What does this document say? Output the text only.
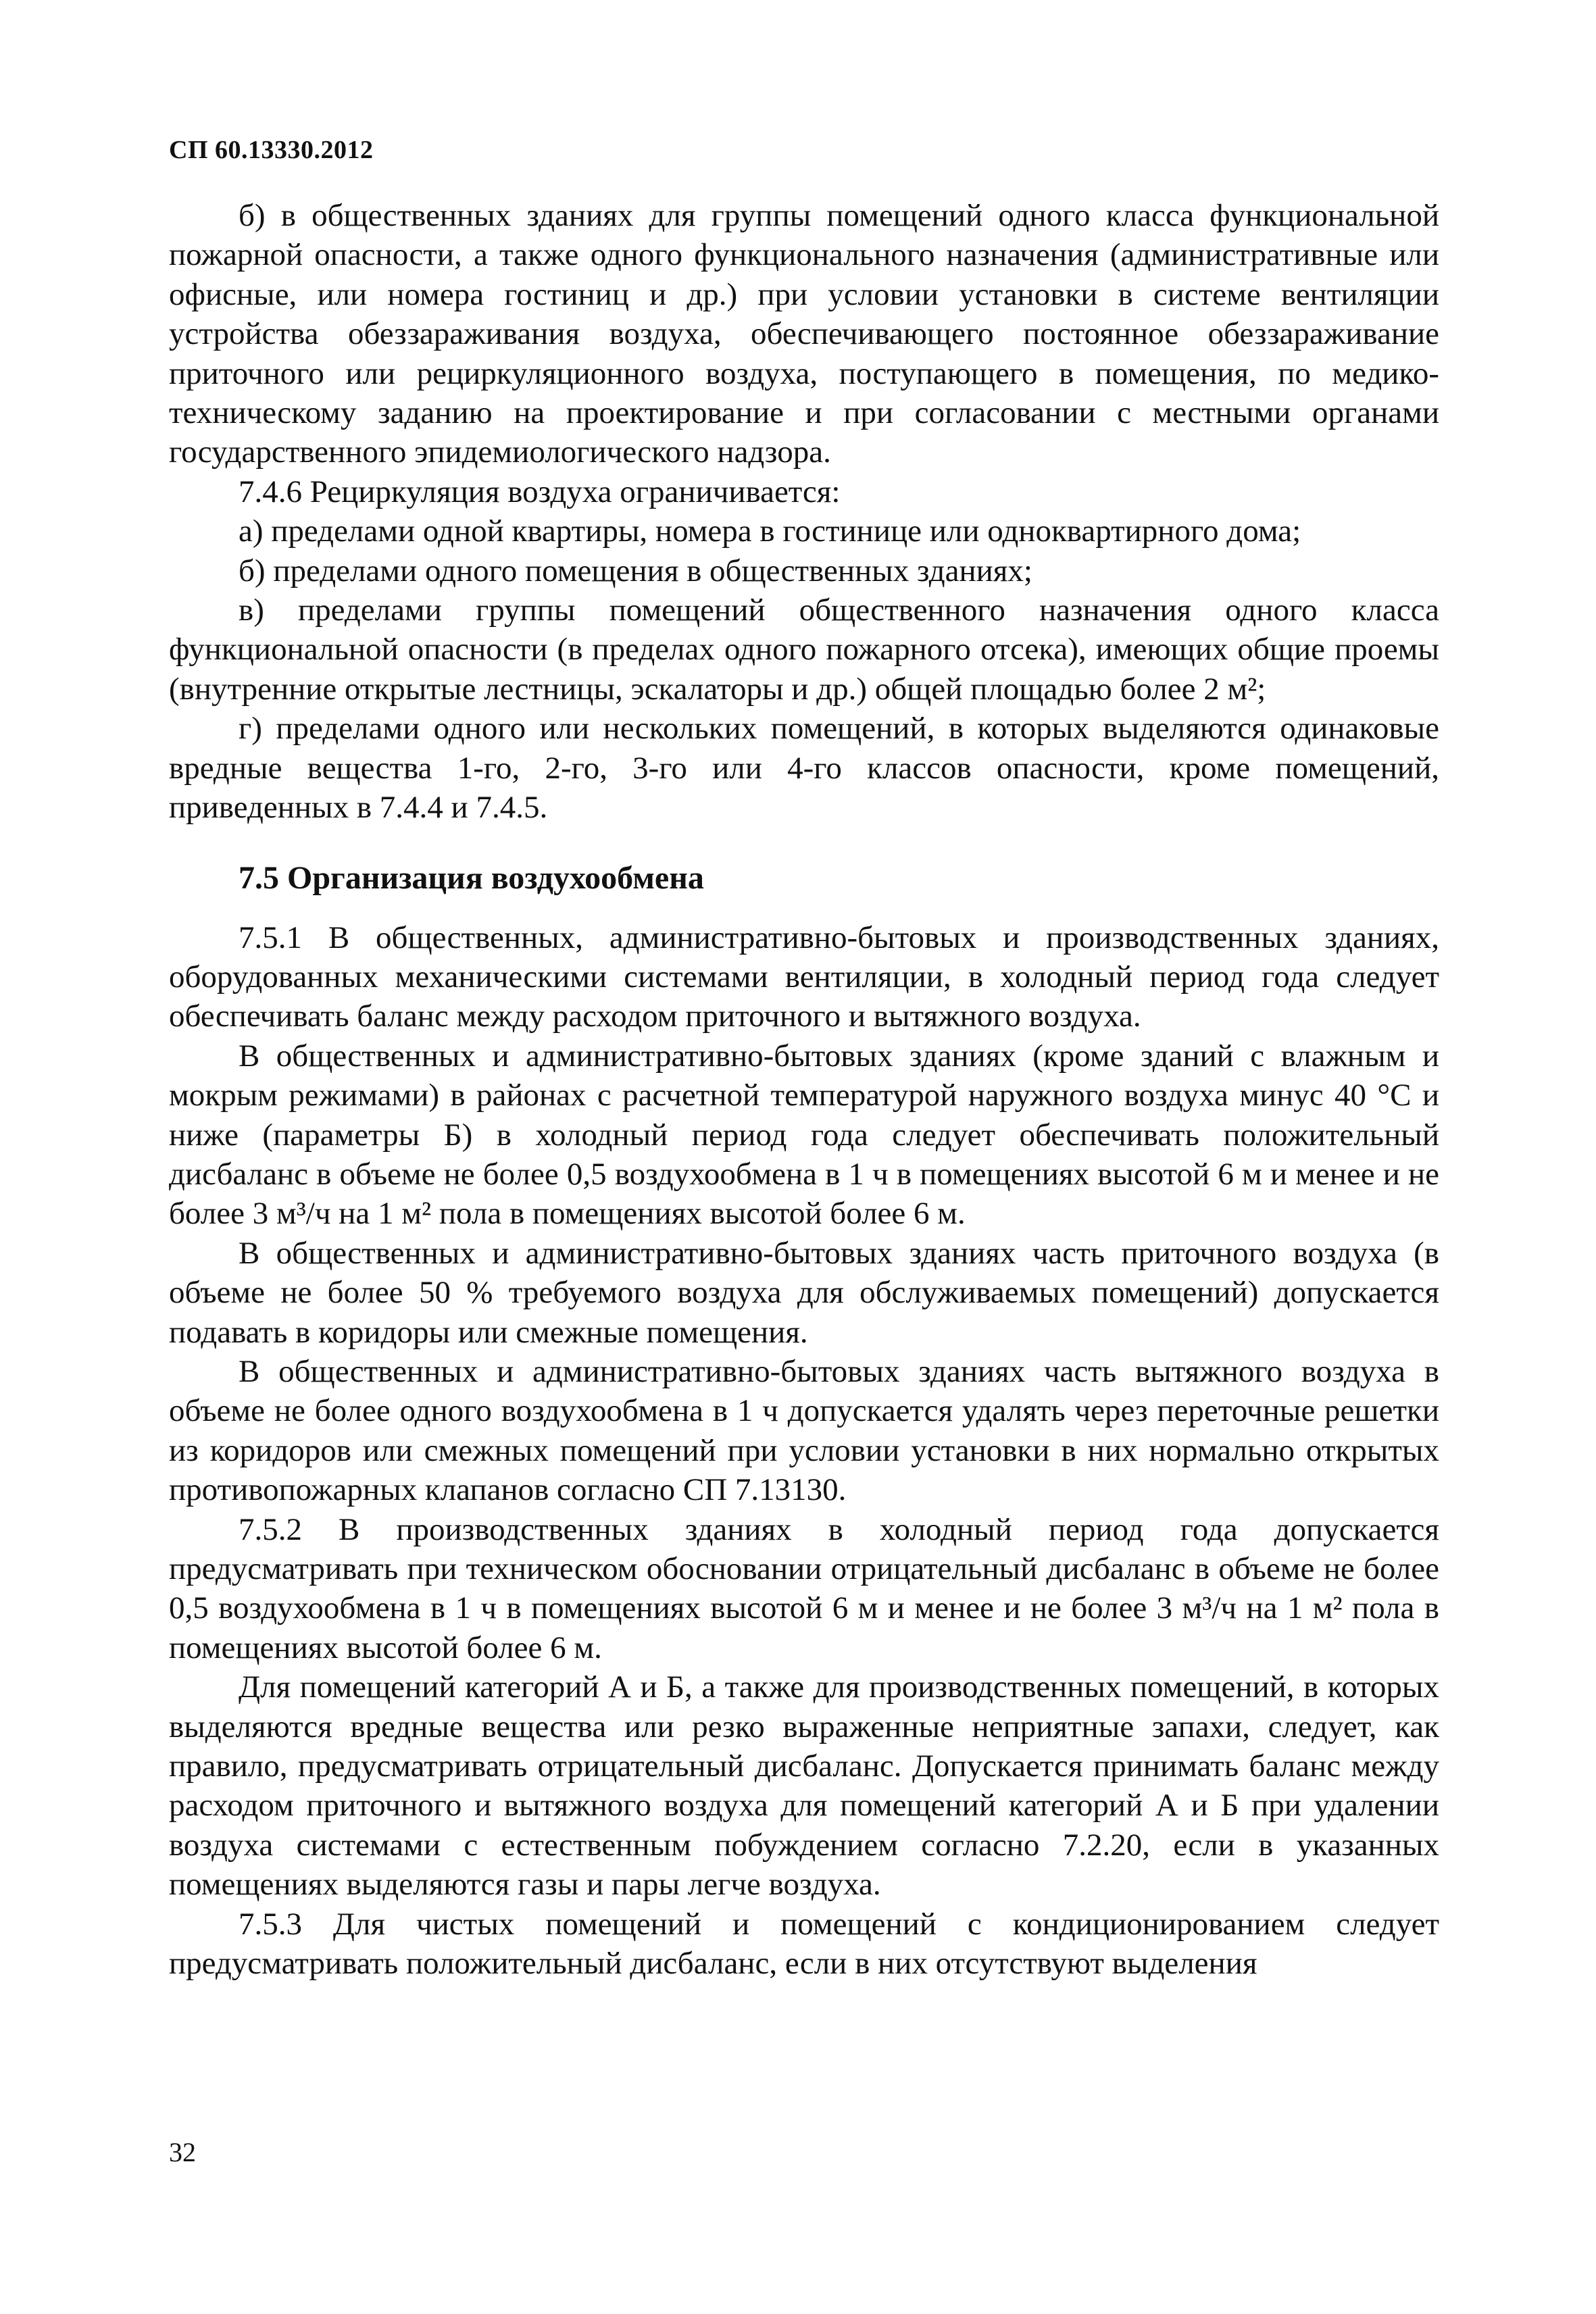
СП 60.13330.2012

б) в общественных зданиях для группы помещений одного класса функциональной пожарной опасности, а также одного функционального назначения (административные или офисные, или номера гостиниц и др.) при условии установки в системе вентиляции устройства обеззараживания воздуха, обеспечивающего постоянное обеззараживание приточного или рециркуляционного воздуха, поступающего в помещения, по медико-техническому заданию на проектирование и при согласовании с местными органами государственного эпидемиологического надзора.

7.4.6 Рециркуляция воздуха ограничивается:

а) пределами одной квартиры, номера в гостинице или одноквартирного дома;

б) пределами одного помещения в общественных зданиях;

в) пределами группы помещений общественного назначения одного класса функциональной опасности (в пределах одного пожарного отсека), имеющих общие проемы (внутренние открытые лестницы, эскалаторы и др.) общей площадью более 2 м²;

г) пределами одного или нескольких помещений, в которых выделяются одинаковые вредные вещества 1-го, 2-го, 3-го или 4-го классов опасности, кроме помещений, приведенных в 7.4.4 и 7.4.5.

7.5 Организация воздухообмена

7.5.1 В общественных, административно-бытовых и производственных зданиях, оборудованных механическими системами вентиляции, в холодный период года следует обеспечивать баланс между расходом приточного и вытяжного воздуха.

В общественных и административно-бытовых зданиях (кроме зданий с влажным и мокрым режимами) в районах с расчетной температурой наружного воздуха минус 40 °С и ниже (параметры Б) в холодный период года следует обеспечивать положительный дисбаланс в объеме не более 0,5 воздухообмена в 1 ч в помещениях высотой 6 м и менее и не более 3 м³/ч на 1 м² пола в помещениях высотой более 6 м.

В общественных и административно-бытовых зданиях часть приточного воздуха (в объеме не более 50 % требуемого воздуха для обслуживаемых помещений) допускается подавать в коридоры или смежные помещения.

В общественных и административно-бытовых зданиях часть вытяжного воздуха в объеме не более одного воздухообмена в 1 ч допускается удалять через переточные решетки из коридоров или смежных помещений при условии установки в них нормально открытых противопожарных клапанов согласно СП 7.13130.

7.5.2 В производственных зданиях в холодный период года допускается предусматривать при техническом обосновании отрицательный дисбаланс в объеме не более 0,5 воздухообмена в 1 ч в помещениях высотой 6 м и менее и не более 3 м³/ч на 1 м² пола в помещениях высотой более 6 м.

Для помещений категорий А и Б, а также для производственных помещений, в которых выделяются вредные вещества или резко выраженные неприятные запахи, следует, как правило, предусматривать отрицательный дисбаланс. Допускается принимать баланс между расходом приточного и вытяжного воздуха для помещений категорий А и Б при удалении воздуха системами с естественным побуждением согласно 7.2.20, если в указанных помещениях выделяются газы и пары легче воздуха.

7.5.3 Для чистых помещений и помещений с кондиционированием следует предусматривать положительный дисбаланс, если в них отсутствуют выделения

32
